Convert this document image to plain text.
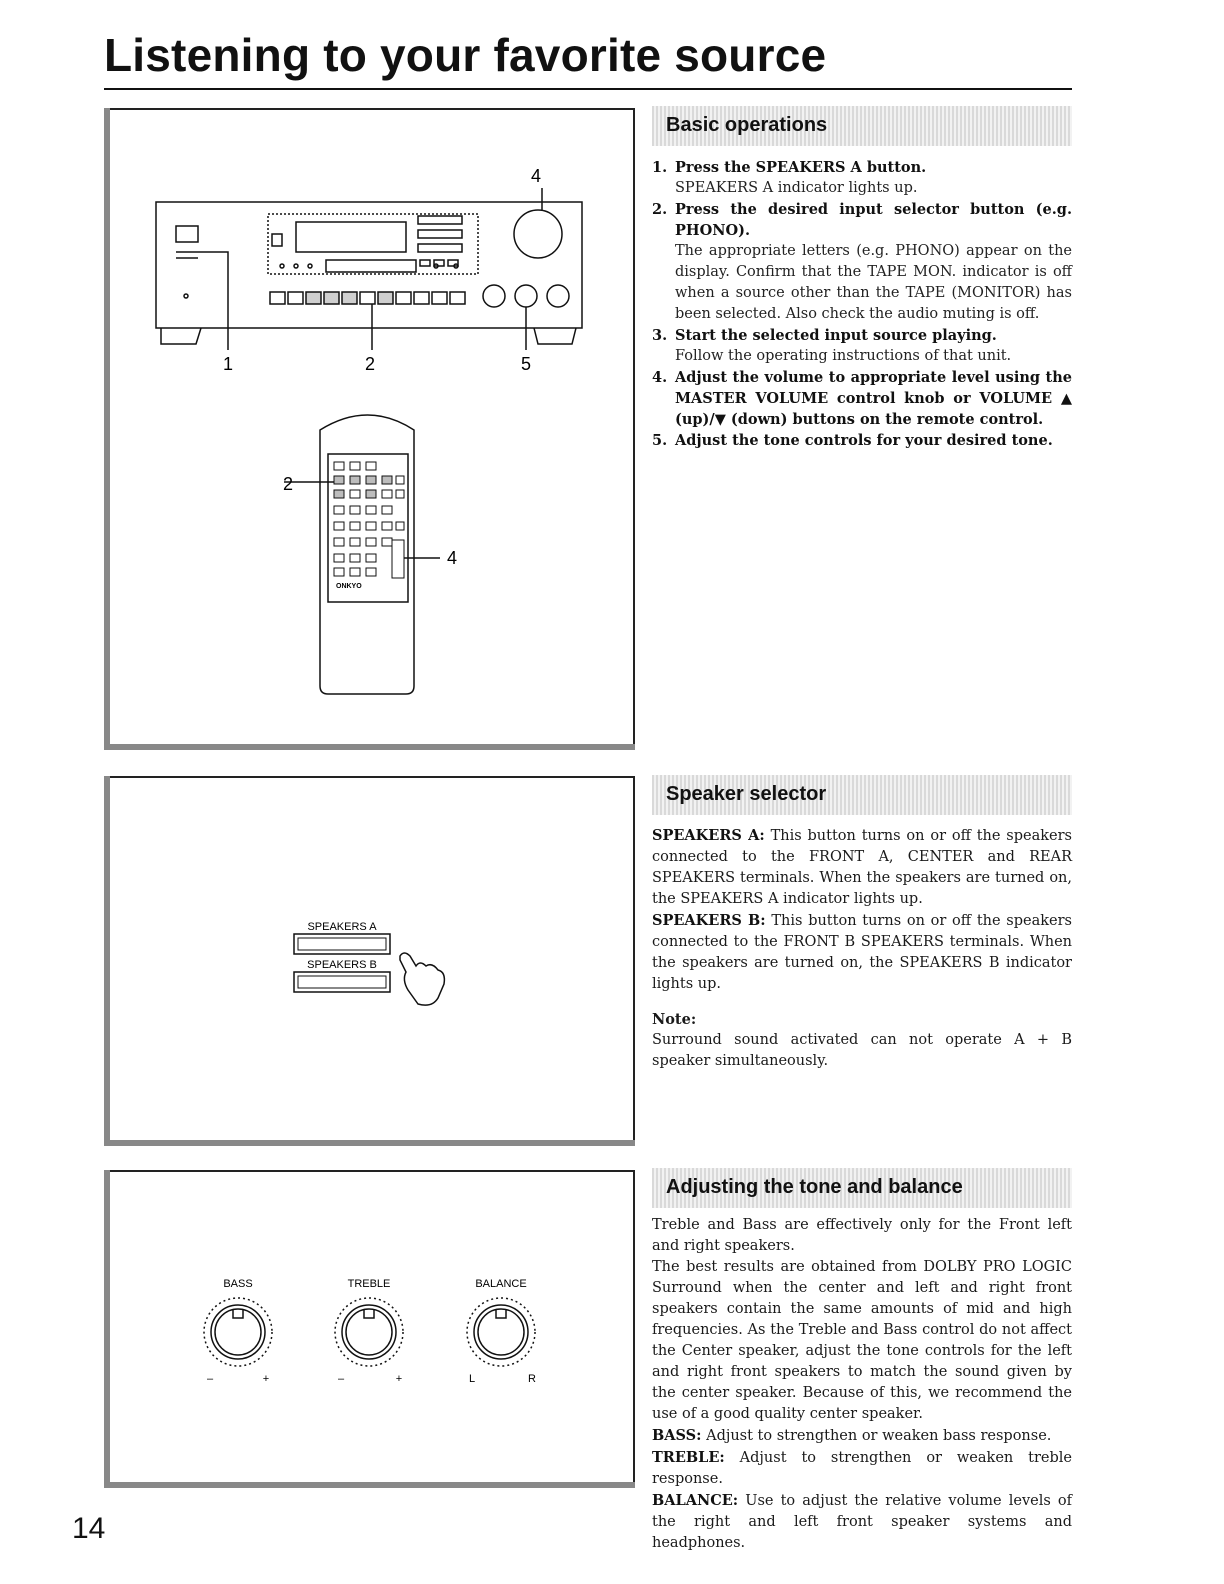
Listening to your favorite source
4
1	2	5
ONKYO
2
4
Basic operations
1. Press the SPEAKERS A button.
SPEAKERS A indicator lights up.
2. Press the desired input selector button (e.g. PHONO).
The appropriate letters (e.g. PHONO) appear on the display. Confirm that the TAPE MON. indicator is off when a source other than the TAPE (MONITOR) has been selected. Also check the audio muting is off.
3. Start the selected input source playing.
Follow the operating instructions of that unit.
4. Adjust the volume to appropriate level using the MASTER VOLUME control knob or VOLUME ▲ (up)/▼ (down) buttons on the remote control.
5. Adjust the tone controls for your desired tone.
SPEAKERS A
SPEAKERS B
Speaker selector

SPEAKERS A: This button turns on or off the speakers connected to the FRONT A, CENTER and REAR SPEAKERS terminals. When the speakers are turned on, the SPEAKERS A indicator lights up.

SPEAKERS B: This button turns on or off the speakers connected to the FRONT B SPEAKERS terminals. When the speakers are turned on, the SPEAKERS B indicator lights up.

Note:

Surround sound activated can not operate A + B speaker simultaneously.

BASS	TREBLE	BALANCE
–	+	–	+	L	R
Adjusting the tone and balance

Treble and Bass are effectively only for the Front left and right speakers.

The best results are obtained from DOLBY PRO LOGIC Surround when the center and left and right front speakers contain the same amounts of mid and high frequencies. As the Treble and Bass control do not affect the Center speaker, adjust the tone controls for the left and right front speakers to match the sound given by the center speaker. Because of this, we recommend the use of a good quality center speaker.

BASS: Adjust to strengthen or weaken bass response.

TREBLE: Adjust to strengthen or weaken treble response.

BALANCE: Use to adjust the relative volume levels of the right and left front speaker systems and headphones.

14
